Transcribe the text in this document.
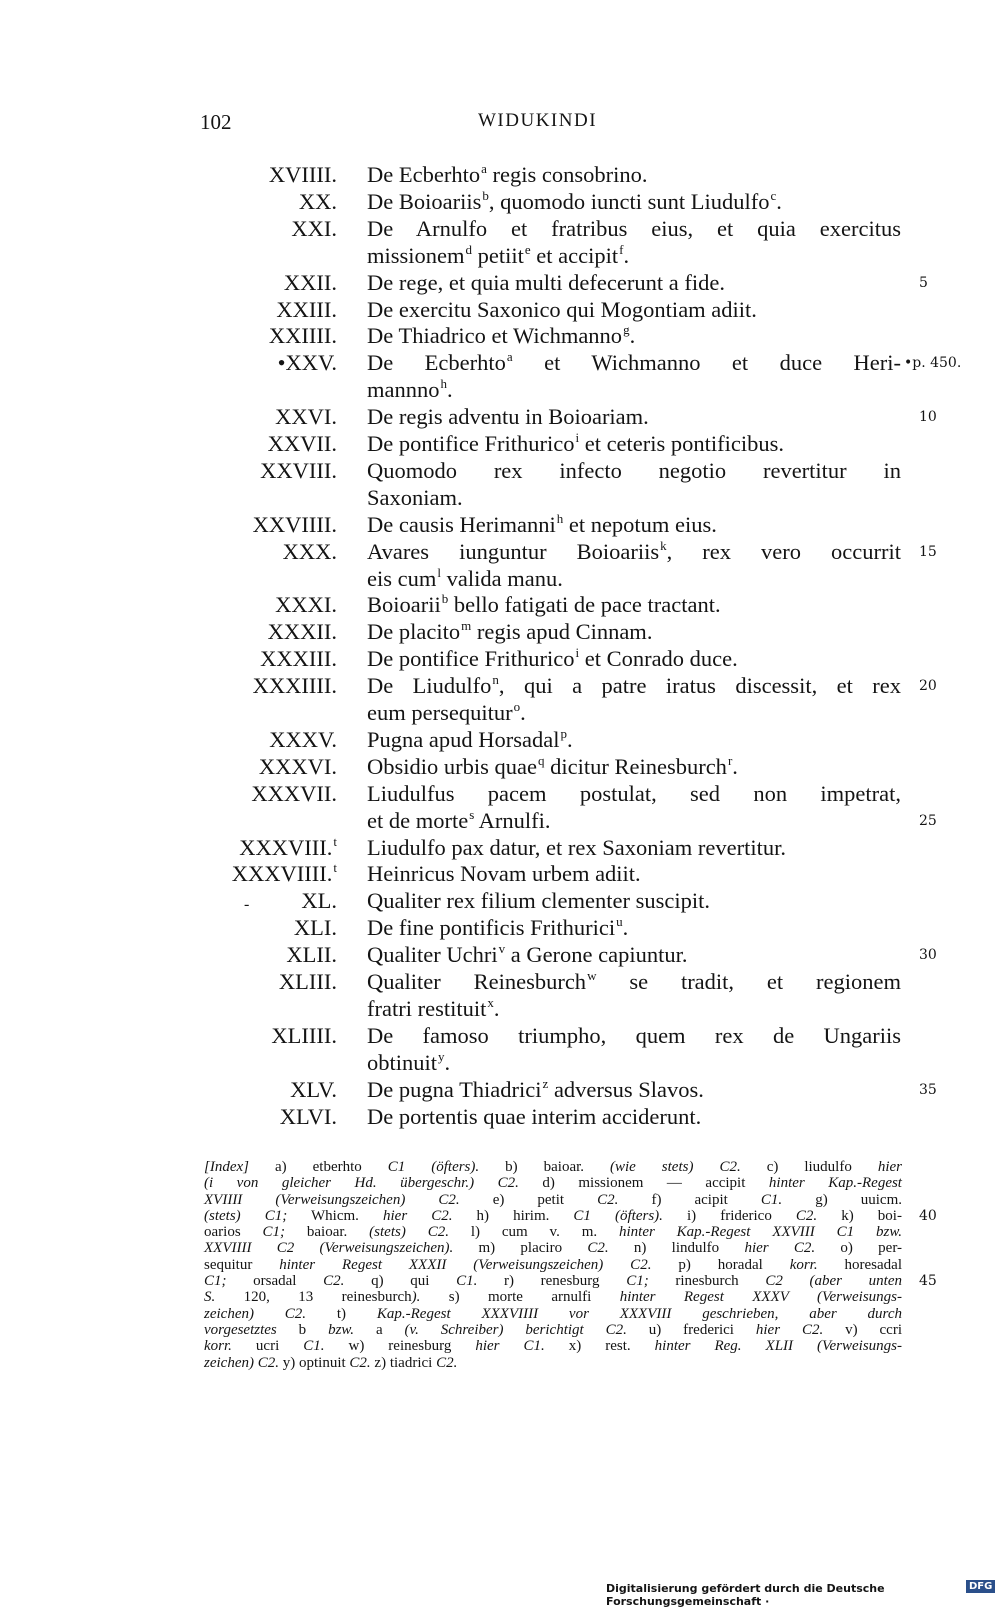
102	WIDUKINDI
XVIIII. De Ecberhto$^a$ regis consobrino.
XX. De Boioariis$^b$, quomodo iuncti sunt Liudulfo$^c$.
XXI. De Arnulfo et fratribus eius, et quia exercitus
missionem$^d$ petiit$^e$ et accipit$^f$.
XXII. De rege, et quia multi defecerunt a fide.
XXIII. De exercitu Saxonico qui Mogontiam adiit.
XXIIII. De Thiadrico et Wichmanno$^g$.
•XXV. De Ecberhto$^a$ et Wichmanno et duce Heri-
mannno$^h$.
XXVI. De regis adventu in Boioariam.
XXVII. De pontifice Frithurico$^i$ et ceteris pontificibus.
XXVIII. Quomodo rex infecto negotio revertitur in
Saxoniam.
XXVIIII. De causis Herimanni$^h$ et nepotum eius.
XXX. Avares iunguntur Boioariis$^k$, rex vero occurrit
eis cum$^l$ valida manu.
XXXI. Boioarii$^b$ bello fatigati de pace tractant.
XXXII. De placito$^m$ regis apud Cinnam.
XXXIII. De pontifice Frithurico$^i$ et Conrado duce.
XXXIIII. De Liudulfo$^n$, qui a patre iratus discessit, et rex
eum persequitur$^o$.
XXXV. Pugna apud Horsadal$^p$.
XXXVI. Obsidio urbis quae$^q$ dicitur Reinesburch$^r$.
XXXVII. Liudulfus pacem postulat, sed non impetrat,
et de morte$^s$ Arnulfi.
XXXVIII.$^t$ Liudulfo pax datur, et rex Saxoniam revertitur.
XXXVIIII.$^t$ Heinricus Novam urbem adiit.
XL. Qualiter rex filium clementer suscipit.
XLI. De fine pontificis Frithurici$^u$.
XLII. Qualiter Uchri$^v$ a Gerone capiuntur.
XLIII. Qualiter Reinesburch$^w$ se tradit, et regionem
fratri restituit$^x$.
XLIIII. De famoso triumpho, quem rex de Ungariis
obtinuit$^y$.
XLV. De pugna Thiadrici$^z$ adversus Slavos.
XLVI. De portentis quae interim acciderunt.
-
[Index] a) etberhto C1 (öfters). b) baioar. (wie stets) C2. c) liudulfo hier
(i von gleicher Hd. übergeschr.) C2. d) missionem — accipit hinter Kap.-Regest
XVIIII (Verweisungszeichen) C2. e) petit C2. f) acipit C1. g) uuicm.
(stets) C1; Whicm. hier C2. h) hirim. C1 (öfters). i) friderico C2. k) boi-
oarios C1; baioar. (stets) C2. l) cum v. m. hinter Kap.-Regest XXVIII C1 bzw.
XXVIIII C2 (Verweisungszeichen). m) placiro C2. n) lindulfo hier C2. o) per-
sequitur hinter Regest XXXII (Verweisungszeichen) C2. p) horadal korr. horesadal
C1; orsadal C2. q) qui C1. r) renesburg C1; rinesburch C2 (aber unten
S. 120, 13 reinesburch). s) morte arnulfi hinter Regest XXXV (Verweisungs-
zeichen) C2. t) Kap.-Regest XXXVIIII vor XXXVIII geschrieben, aber durch
vorgesetztes b bzw. a (v. Schreiber) berichtigt C2. u) frederici hier C2. v) ccri
korr. ucri C1. w) reinesburg hier C1. x) rest. hinter Reg. XLII (Verweisungs-
zeichen) C2. y) optinuit C2. z) tiadrici C2.
40
45
Digitalisierung gefördert durch die Deutsche Forschungsgemeinschaft ·
DFG
5
•p. 450.
10
15
20
25
30
35
